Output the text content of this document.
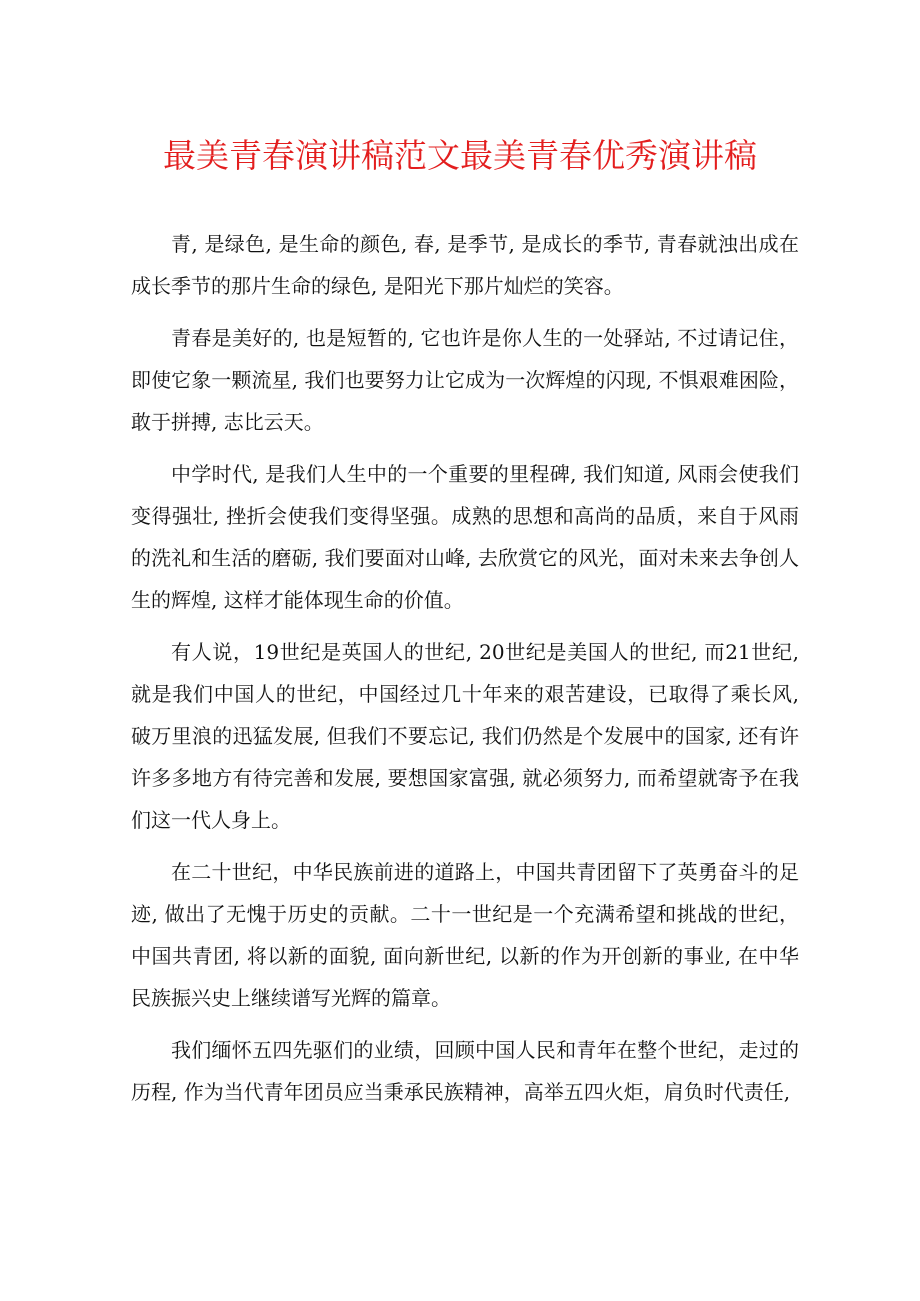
最美青春演讲稿范文最美青春优秀演讲稿

青, 是绿色, 是生命的颜色, 春, 是季节, 是成长的季节, 青春就浊出成在成长季节的那片生命的绿色, 是阳光下那片灿烂的笑容。

青春是美好的, 也是短暂的, 它也许是你人生的一处驿站, 不过请记住，即使它象一颗流星, 我们也要努力让它成为一次辉煌的闪现, 不惧艰难困险，敢于拼搏, 志比云天。

中学时代, 是我们人生中的一个重要的里程碑, 我们知道, 风雨会使我们变得强壮, 挫折会使我们变得坚强。成熟的思想和高尚的品质，来自于风雨的洗礼和生活的磨砺, 我们要面对山峰, 去欣赏它的风光，面对未来去争创人生的辉煌, 这样才能体现生命的价值。

有人说，19世纪是英国人的世纪, 20世纪是美国人的世纪, 而21世纪, 就是我们中国人的世纪，中国经过几十年来的艰苦建设，已取得了乘长风, 破万里浪的迅猛发展, 但我们不要忘记, 我们仍然是个发展中的国家, 还有许许多多地方有待完善和发展, 要想国家富强, 就必须努力, 而希望就寄予在我们这一代人身上。

在二十世纪，中华民族前进的道路上，中国共青团留下了英勇奋斗的足迹, 做出了无愧于历史的贡献。二十一世纪是一个充满希望和挑战的世纪，中国共青团, 将以新的面貌, 面向新世纪, 以新的作为开创新的事业, 在中华民族振兴史上继续谱写光辉的篇章。

我们缅怀五四先驱们的业绩，回顾中国人民和青年在整个世纪，走过的历程, 作为当代青年团员应当秉承民族精神，高举五四火炬，肩负时代责任,
